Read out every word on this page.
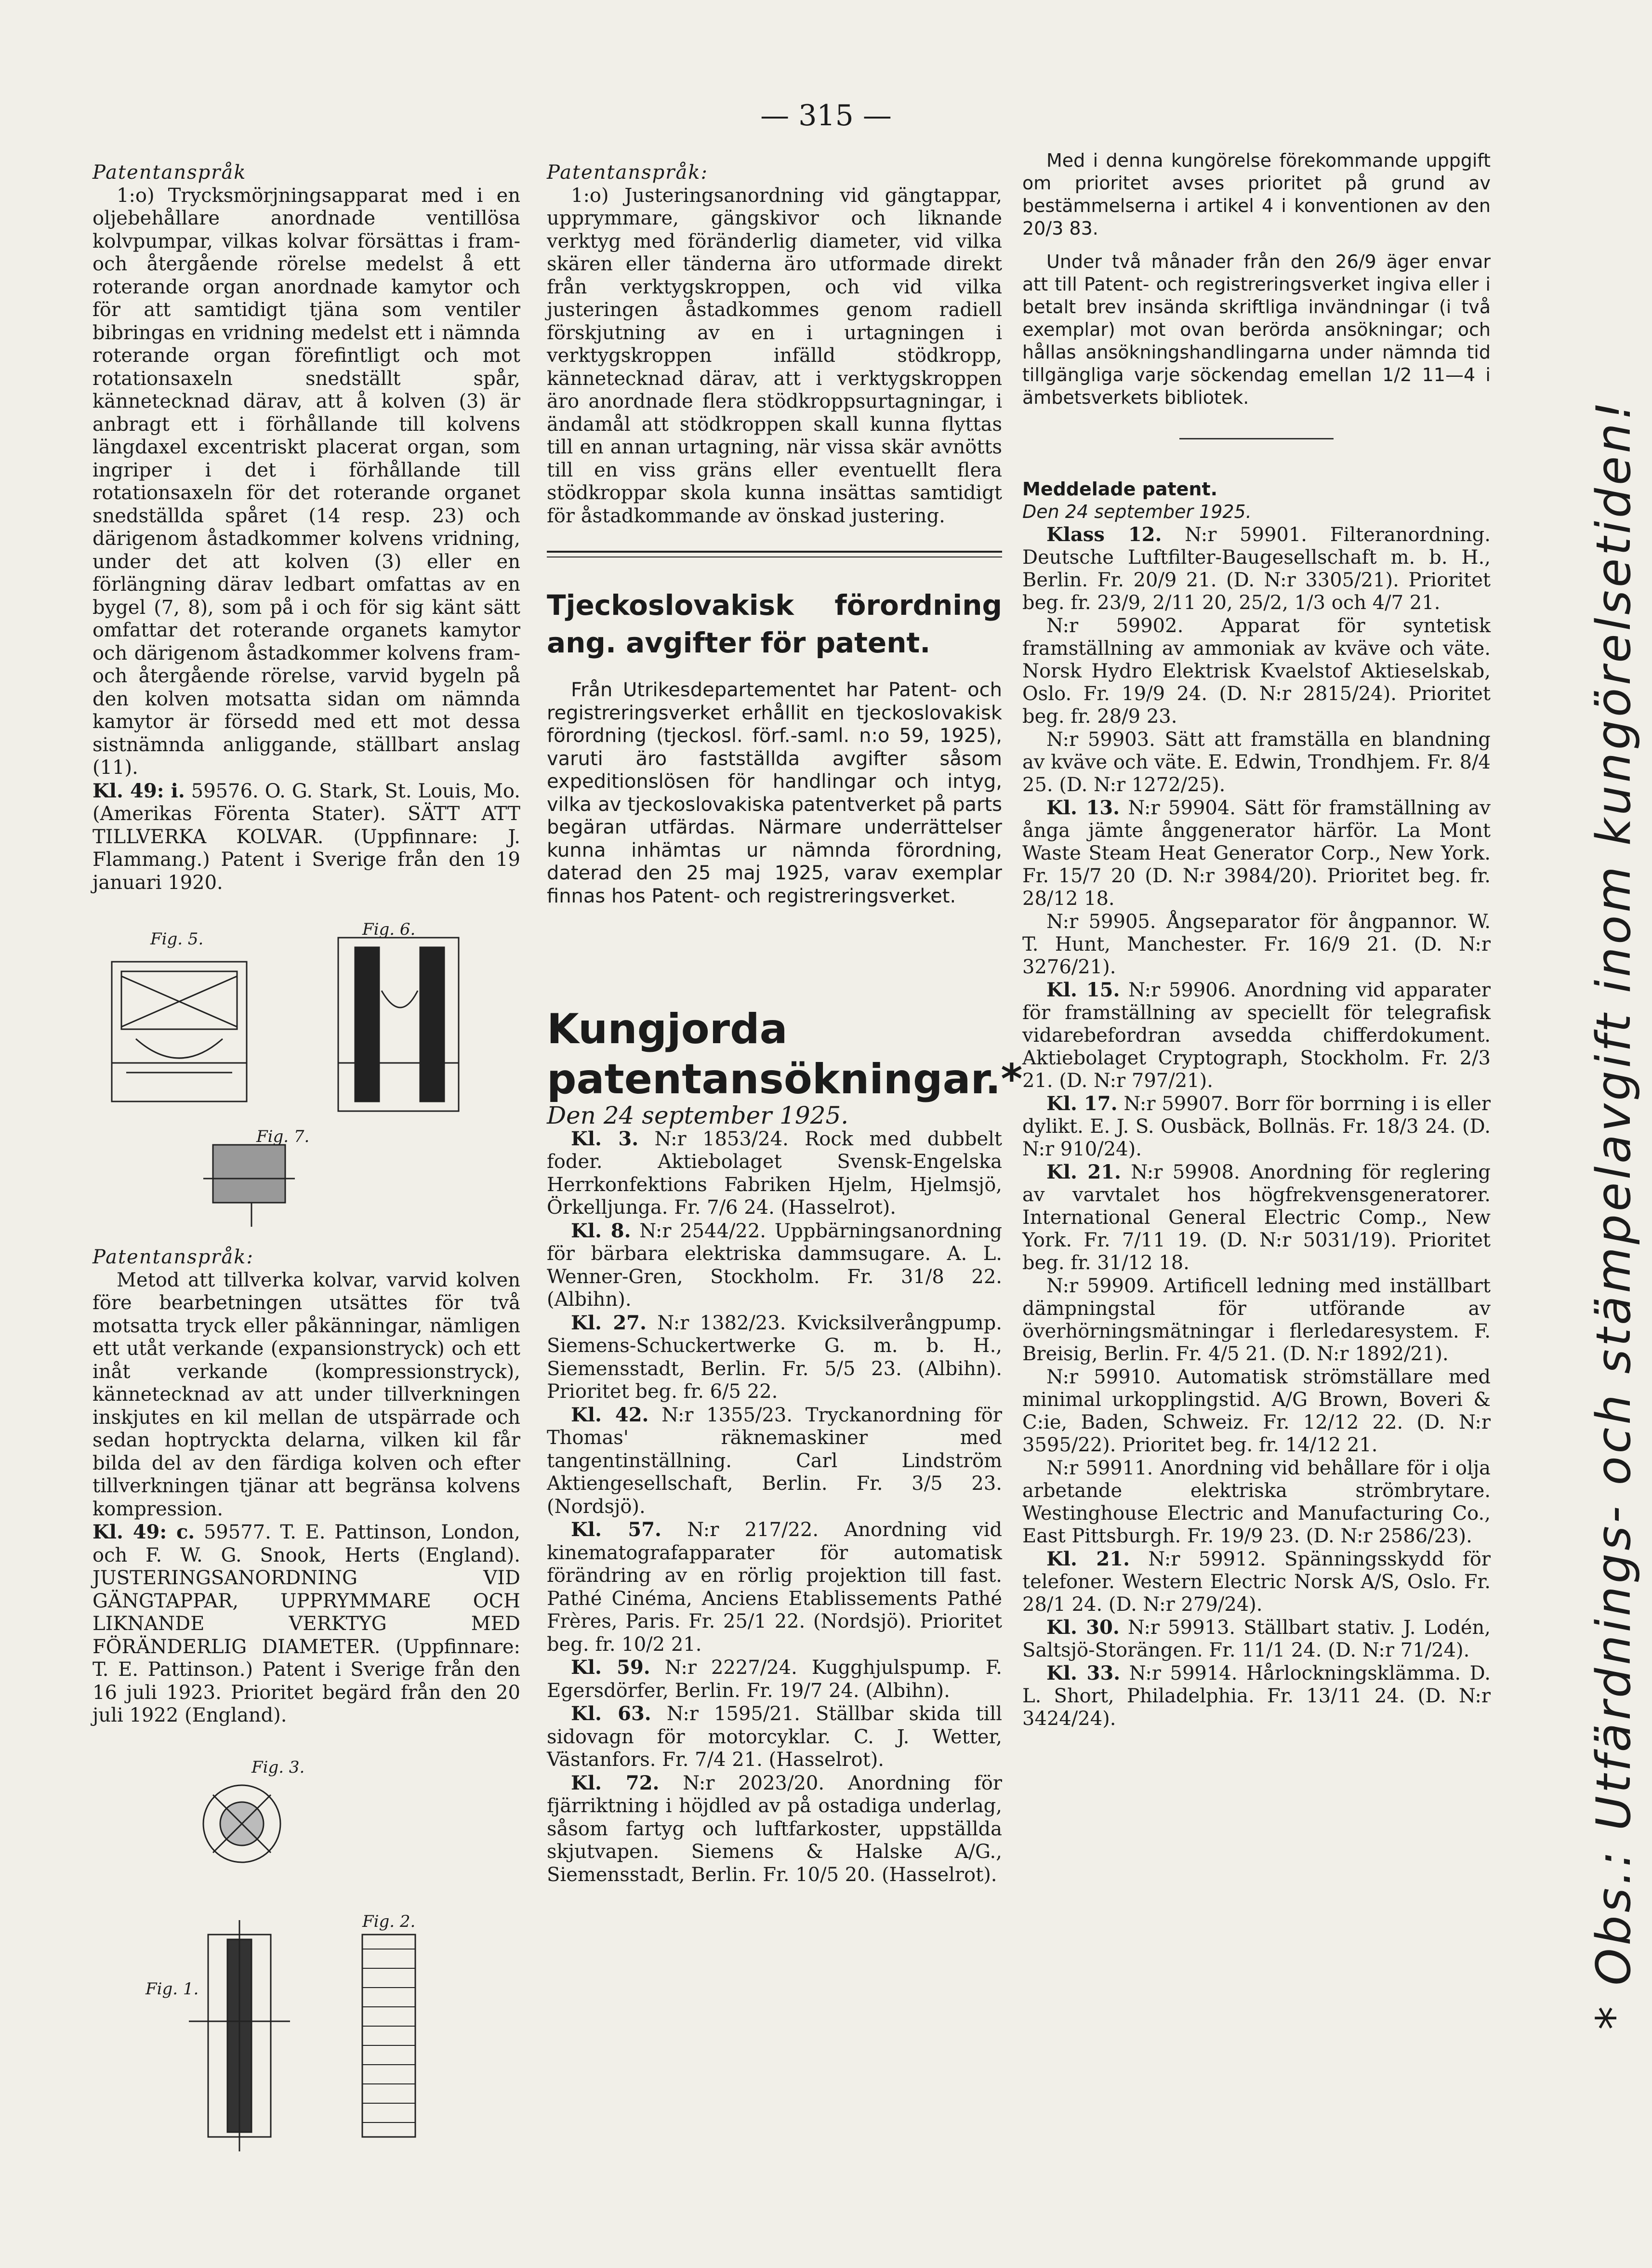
— 315 —

Patentanspråk

1:o) Trycksmörjningsapparat med i en oljebehållare anordnade ventillösa kolvpumpar, vilkas kolvar försättas i fram- och återgående rörelse medelst å ett roterande organ anordnade kamytor och för att samtidigt tjäna som ventiler bibringas en vridning medelst ett i nämnda roterande organ förefintligt och mot rotationsaxeln snedställt spår, kännetecknad därav, att å kolven (3) är anbragt ett i förhållande till kolvens längdaxel excentriskt placerat organ, som ingriper i det i förhållande till rotationsaxeln för det roterande organet snedställda spåret (14 resp. 23) och därigenom åstadkommer kolvens vridning, under det att kolven (3) eller en förlängning därav ledbart omfattas av en bygel (7, 8), som på i och för sig känt sätt omfattar det roterande organets kamytor och därigenom åstadkommer kolvens fram- och återgående rörelse, varvid bygeln på den kolven motsatta sidan om nämnda kamytor är försedd med ett mot dessa sistnämnda anliggande, ställbart anslag (11).

Kl. 49: i. 59576. O. G. Stark, St. Louis, Mo. (Amerikas Förenta Stater). SÄTT ATT TILLVERKA KOLVAR. (Uppfinnare: J. Flammang.) Patent i Sverige från den 19 januari 1920.

Fig. 5.	Fig. 6.
Fig. 7.

Patentanspråk:

Metod att tillverka kolvar, varvid kolven före bearbetningen utsättes för två motsatta tryck eller påkänningar, nämligen ett utåt verkande (expansionstryck) och ett inåt verkande (kompressionstryck), kännetecknad av att under tillverkningen inskjutes en kil mellan de utspärrade och sedan hoptryckta delarna, vilken kil får bilda del av den färdiga kolven och efter tillverkningen tjänar att begränsa kolvens kompression.

Kl. 49: c. 59577. T. E. Pattinson, London, och F. W. G. Snook, Herts (England). JUSTERINGSANORDNING VID GÄNGTAPPAR, UPPRYMMARE OCH LIKNANDE VERKTYG MED FÖRÄNDERLIG DIAMETER. (Uppfinnare: T. E. Pattinson.) Patent i Sverige från den 16 juli 1923. Prioritet begärd från den 20 juli 1922 (England).

Fig. 3.
Fig. 1.
Fig. 2.

Patentanspråk:

1:o) Justeringsanordning vid gängtappar, upprymmare, gängskivor och liknande verktyg med föränderlig diameter, vid vilka skären eller tänderna äro utformade direkt från verktygskroppen, och vid vilka justeringen åstadkommes genom radiell förskjutning av en i urtagningen i verktygskroppen infälld stödkropp, kännetecknad därav, att i verktygskroppen äro anordnade flera stödkroppsurtagningar, i ändamål att stödkroppen skall kunna flyttas till en annan urtagning, när vissa skär avnötts till en viss gräns eller eventuellt flera stödkroppar skola kunna insättas samtidigt för åstadkommande av önskad justering.

Tjeckoslovakisk förordning ang. avgifter för patent.

Från Utrikesdepartementet har Patent- och registreringsverket erhållit en tjeckoslovakisk förordning (tjeckosl. förf.-saml. n:o 59, 1925), varuti äro fastställda avgifter såsom expeditionslösen för handlingar och intyg, vilka av tjeckoslovakiska patentverket på parts begäran utfärdas. Närmare underrättelser kunna inhämtas ur nämnda förordning, daterad den 25 maj 1925, varav exemplar finnas hos Patent- och registreringsverket.

Kungjorda patentansökningar.*

Den 24 september 1925.

Kl. 3. N:r 1853/24. Rock med dubbelt foder. Aktiebolaget Svensk-Engelska Herrkonfektions Fabriken Hjelm, Hjelmsjö, Örkelljunga. Fr. 7/6 24. (Hasselrot).

Kl. 8. N:r 2544/22. Uppbärningsanordning för bärbara elektriska dammsugare. A. L. Wenner-Gren, Stockholm. Fr. 31/8 22. (Albihn).

Kl. 27. N:r 1382/23. Kvicksilverångpump. Siemens-Schuckertwerke G. m. b. H., Siemensstadt, Berlin. Fr. 5/5 23. (Albihn). Prioritet beg. fr. 6/5 22.

Kl. 42. N:r 1355/23. Tryckanordning för Thomas' räknemaskiner med tangentinställning. Carl Lindström Aktiengesellschaft, Berlin. Fr. 3/5 23. (Nordsjö).

Kl. 57. N:r 217/22. Anordning vid kinematografapparater för automatisk förändring av en rörlig projektion till fast. Pathé Cinéma, Anciens Etablissements Pathé Frères, Paris. Fr. 25/1 22. (Nordsjö). Prioritet beg. fr. 10/2 21.

Kl. 59. N:r 2227/24. Kugghjulspump. F. Egersdörfer, Berlin. Fr. 19/7 24. (Albihn).

Kl. 63. N:r 1595/21. Ställbar skida till sidovagn för motorcyklar. C. J. Wetter, Västanfors. Fr. 7/4 21. (Hasselrot).

Kl. 72. N:r 2023/20. Anordning för fjärriktning i höjdled av på ostadiga underlag, såsom fartyg och luftfarkoster, uppställda skjutvapen. Siemens & Halske A/G., Siemensstadt, Berlin. Fr. 10/5 20. (Hasselrot).

Med i denna kungörelse förekommande uppgift om prioritet avses prioritet på grund av bestämmelserna i artikel 4 i konventionen av den 20/3 83.

Under två månader från den 26/9 äger envar att till Patent- och registreringsverket ingiva eller i betalt brev insända skriftliga invändningar (i två exemplar) mot ovan berörda ansökningar; och hållas ansökningshandlingarna under nämnda tid tillgängliga varje söckendag emellan 1/2 11—4 i ämbetsverkets bibliotek.

Meddelade patent.

Den 24 september 1925.

Klass 12. N:r 59901. Filteranordning. Deutsche Luftfilter-Baugesellschaft m. b. H., Berlin. Fr. 20/9 21. (D. N:r 3305/21). Prioritet beg. fr. 23/9, 2/11 20, 25/2, 1/3 och 4/7 21.

N:r 59902. Apparat för syntetisk framställning av ammoniak av kväve och väte. Norsk Hydro Elektrisk Kvaelstof Aktieselskab, Oslo. Fr. 19/9 24. (D. N:r 2815/24). Prioritet beg. fr. 28/9 23.

N:r 59903. Sätt att framställa en blandning av kväve och väte. E. Edwin, Trondhjem. Fr. 8/4 25. (D. N:r 1272/25).

Kl. 13. N:r 59904. Sätt för framställning av ånga jämte ånggenerator härför. La Mont Waste Steam Heat Generator Corp., New York. Fr. 15/7 20 (D. N:r 3984/20). Prioritet beg. fr. 28/12 18.

N:r 59905. Ångseparator för ångpannor. W. T. Hunt, Manchester. Fr. 16/9 21. (D. N:r 3276/21).

Kl. 15. N:r 59906. Anordning vid apparater för framställning av speciellt för telegrafisk vidarebefordran avsedda chifferdokument. Aktiebolaget Cryptograph, Stockholm. Fr. 2/3 21. (D. N:r 797/21).

Kl. 17. N:r 59907. Borr för borrning i is eller dylikt. E. J. S. Ousbäck, Bollnäs. Fr. 18/3 24. (D. N:r 910/24).

Kl. 21. N:r 59908. Anordning för reglering av varvtalet hos högfrekvensgeneratorer. International General Electric Comp., New York. Fr. 7/11 19. (D. N:r 5031/19). Prioritet beg. fr. 31/12 18.

N:r 59909. Artificell ledning med inställbart dämpningstal för utförande av överhörningsmätningar i flerledaresystem. F. Breisig, Berlin. Fr. 4/5 21. (D. N:r 1892/21).

N:r 59910. Automatisk strömställare med minimal urkopplingstid. A/G Brown, Boveri & C:ie, Baden, Schweiz. Fr. 12/12 22. (D. N:r 3595/22). Prioritet beg. fr. 14/12 21.

N:r 59911. Anordning vid behållare för i olja arbetande elektriska strömbrytare. Westinghouse Electric and Manufacturing Co., East Pittsburgh. Fr. 19/9 23. (D. N:r 2586/23).

Kl. 21. N:r 59912. Spänningsskydd för telefoner. Western Electric Norsk A/S, Oslo. Fr. 28/1 24. (D. N:r 279/24).

Kl. 30. N:r 59913. Ställbart stativ. J. Lodén, Saltsjö-Storängen. Fr. 11/1 24. (D. N:r 71/24).

Kl. 33. N:r 59914. Hårlockningsklämma. D. L. Short, Philadelphia. Fr. 13/11 24. (D. N:r 3424/24).	* Obs.: Utfärdnings- och stämpelavgift inom kungörelsetiden!
